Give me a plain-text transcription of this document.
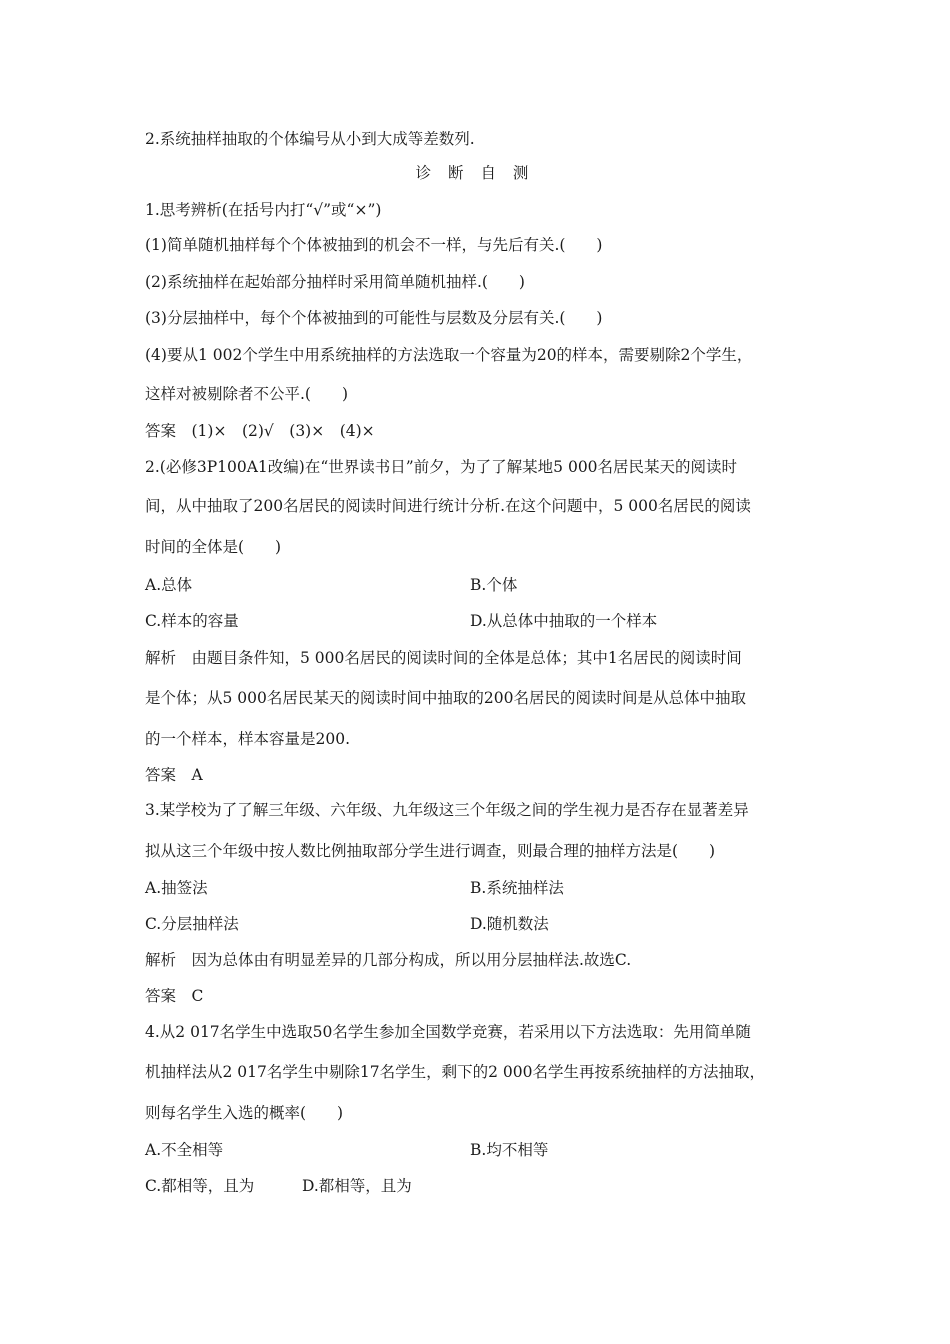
2.系统抽样抽取的个体编号从小到大成等差数列.
诊 断 自 测
1.思考辨析(在括号内打“√”或“×”)
(1)简单随机抽样每个个体被抽到的机会不一样，与先后有关.(　　)
(2)系统抽样在起始部分抽样时采用简单随机抽样.(　　)
(3)分层抽样中，每个个体被抽到的可能性与层数及分层有关.(　　)
(4)要从1 002个学生中用系统抽样的方法选取一个容量为20的样本，需要剔除2个学生，
这样对被剔除者不公平.(　　)
答案　(1)×　(2)√　(3)×　(4)×
2.(必修3P100A1改编)在“世界读书日”前夕，为了了解某地5 000名居民某天的阅读时
间，从中抽取了200名居民的阅读时间进行统计分析.在这个问题中，5 000名居民的阅读
时间的全体是(　　)
A.总体	B.个体
C.样本的容量	D.从总体中抽取的一个样本
解析　由题目条件知，5 000名居民的阅读时间的全体是总体；其中1名居民的阅读时间
是个体；从5 000名居民某天的阅读时间中抽取的200名居民的阅读时间是从总体中抽取
的一个样本，样本容量是200.
答案　A
3.某学校为了了解三年级、六年级、九年级这三个年级之间的学生视力是否存在显著差异
拟从这三个年级中按人数比例抽取部分学生进行调查，则最合理的抽样方法是(　　)
A.抽签法	B.系统抽样法
C.分层抽样法	D.随机数法
解析　因为总体由有明显差异的几部分构成，所以用分层抽样法.故选C.
答案　C
4.从2 017名学生中选取50名学生参加全国数学竞赛，若采用以下方法选取：先用简单随
机抽样法从2 017名学生中剔除17名学生，剩下的2 000名学生再按系统抽样的方法抽取，
则每名学生入选的概率(　　)
A.不全相等	B.均不相等
C.都相等，且为	D.都相等，且为
